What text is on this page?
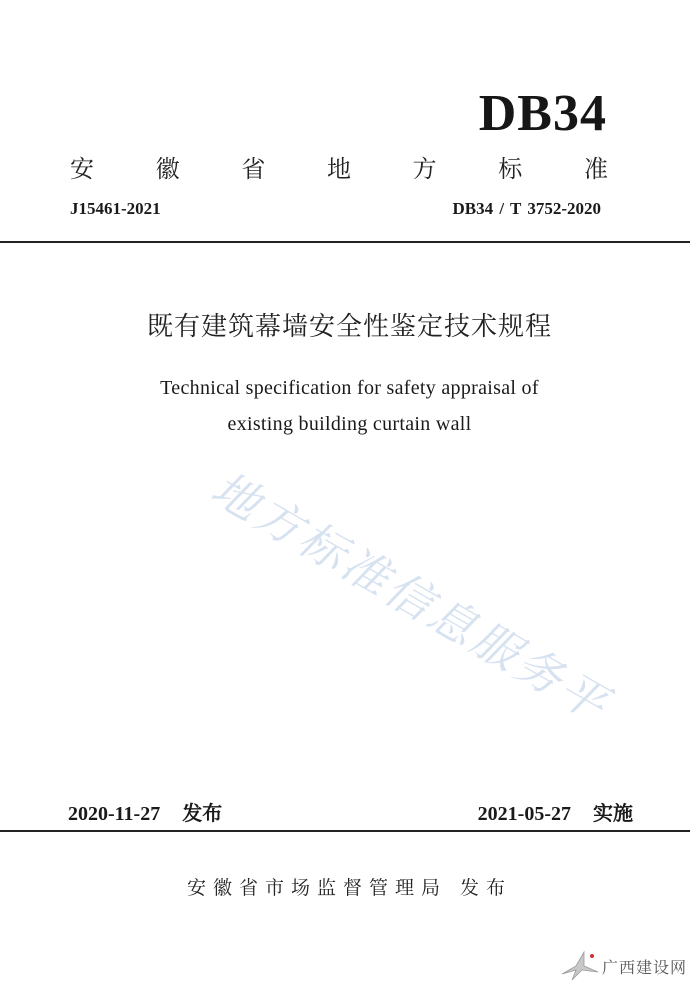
地方标准信息服务平
DB34
安	徽	省	地	方	标	准
J15461-2021	DB34 / T 3752-2020
既有建筑幕墙安全性鉴定技术规程
Technical specification for safety appraisal of
existing building curtain wall
2020-11-27 发布	2021-05-27 实施
安徽省市场监督管理局 发布
广西建设网
